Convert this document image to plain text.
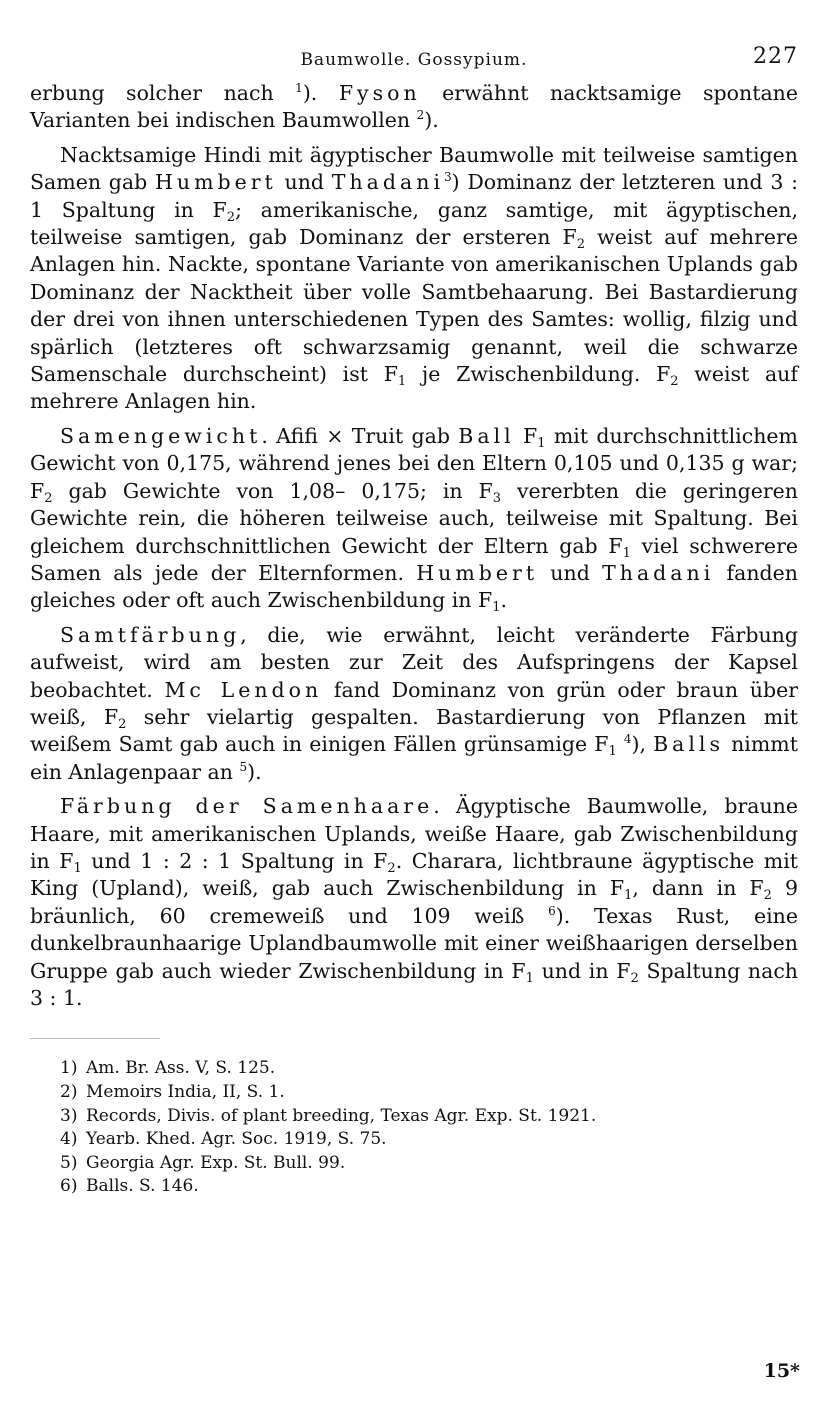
Baumwolle. Gossypium.	227

erbung solcher nach $^1$). Fyson erwähnt nacktsamige spontane Varianten bei indischen Baumwollen $^2$).

Nacktsamige Hindi mit ägyptischer Baumwolle mit teilweise samtigen Samen gab Humbert und Thadani$^3$) Dominanz der letzteren und 3 : 1 Spaltung in $F_2$; amerikanische, ganz samtige, mit ägyptischen, teilweise samtigen, gab Dominanz der ersteren $F_2$ weist auf mehrere Anlagen hin. Nackte, spontane Variante von amerikanischen Uplands gab Dominanz der Nacktheit über volle Samtbehaarung. Bei Bastardierung der drei von ihnen unterschiedenen Typen des Samtes: wollig, filzig und spärlich (letzteres oft schwarzsamig genannt, weil die schwarze Samenschale durchscheint) ist $F_1$ je Zwischenbildung. $F_2$ weist auf mehrere Anlagen hin.

Samengewicht. Afifi × Truit gab Ball $F_1$ mit durchschnittlichem Gewicht von 0,175, während jenes bei den Eltern 0,105 und 0,135 g war; $F_2$ gab Gewichte von 1,08– 0,175; in $F_3$ vererbten die geringeren Gewichte rein, die höheren teilweise auch, teilweise mit Spaltung. Bei gleichem durchschnittlichen Gewicht der Eltern gab $F_1$ viel schwerere Samen als jede der Elternformen. Humbert und Thadani fanden gleiches oder oft auch Zwischenbildung in $F_1$.

Samtfärbung, die, wie erwähnt, leicht veränderte Färbung aufweist, wird am besten zur Zeit des Aufspringens der Kapsel beobachtet. Mc Lendon fand Dominanz von grün oder braun über weiß, $F_2$ sehr vielartig gespalten. Bastardierung von Pflanzen mit weißem Samt gab auch in einigen Fällen grünsamige $F_1$ $^4$), Balls nimmt ein Anlagenpaar an $^5$).

Färbung der Samenhaare. Ägyptische Baumwolle, braune Haare, mit amerikanischen Uplands, weiße Haare, gab Zwischenbildung in $F_1$ und 1 : 2 : 1 Spaltung in $F_2$. Charara, lichtbraune ägyptische mit King (Upland), weiß, gab auch Zwischenbildung in $F_1$, dann in $F_2$ 9 bräunlich, 60 cremeweiß und 109 weiß $^6$). Texas Rust, eine dunkelbraunhaarige Uplandbaumwolle mit einer weißhaarigen derselben Gruppe gab auch wieder Zwischenbildung in $F_1$ und in $F_2$ Spaltung nach 3 : 1.

1) Am. Br. Ass. V, S. 125.
2) Memoirs India, II, S. 1.
3) Records, Divis. of plant breeding, Texas Agr. Exp. St. 1921.
4) Yearb. Khed. Agr. Soc. 1919, S. 75.
5) Georgia Agr. Exp. St. Bull. 99.
6) Balls. S. 146.
15*
